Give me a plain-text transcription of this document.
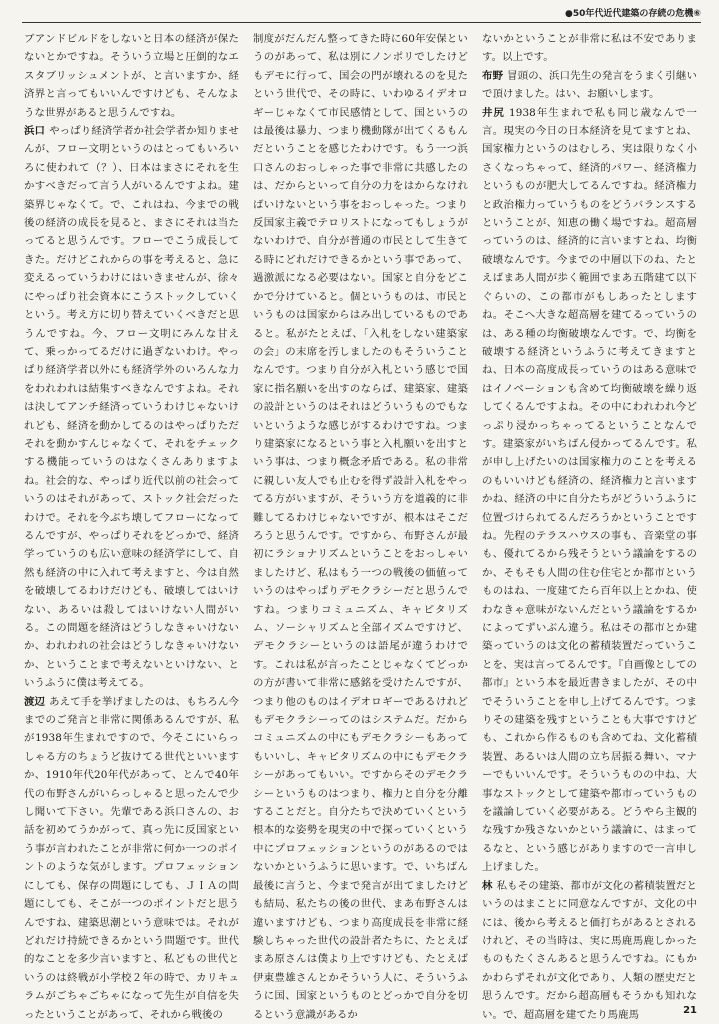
●50年代近代建築の存続の危機⑥

ブアンドビルドをしないと日本の経済が保たないとかですね。そういう立場と圧倒的なエスタブリッシュメントが、と言いますか、経済界と言ってもいいんですけども、そんなような世界があると思うんですね。

浜口 やっぱり経済学者か社会学者か知りませんが、フロー文明というのはとってもいろいろに使われて（？）、日本はまさにそれを生かすべきだって言う人がいるんですよね。建築界じゃなくて。で、これはね、今までの戦後の経済の成長を見ると、まさにそれは当たってると思うんです。フローでこう成長してきた。だけどこれからの事を考えると、急に変えるっていうわけにはいきませんが、徐々にやっぱり社会資本にこうストックしていくという。考え方に切り替えていくべきだと思うんですね。今、フロー文明にみんな甘えて、乗っかってるだけに過ぎないわけ。やっぱり経済学者以外にも経済学外のいろんな力をわれわれは結集すべきなんですよね。それは決してアンチ経済っていうわけじゃないけれども、経済を動かしてるのはやっぱりただそれを動かすんじゃなくて、それをチェックする機能っていうのはなくさんありますよね。社会的な、やっぱり近代以前の社会っていうのはそれがあって、ストック社会だったわけで。それを今ぶち壊してフローになってるんですが、やっぱりそれをどっかで、経済学っていうのも広い意味の経済学にして、自然も経済の中に入れて考えますと、今は自然を破壊してるわけだけども、破壊してはいけない、あるいは殺してはいけない人間がいる。この問題を経済はどうしなきゃいけないか、われわれの社会はどうしなきゃいけないか、ということまで考えないといけない、というふうに僕は考えてる。

渡辺 あえて手を挙げましたのは、もちろん今までのご発言と非常に関係あるんですが、私が1938年生まれですので、今そこにいらっしゃる方のちょうど抜けてる世代といいますか、1910年代20年代があって、とんで40年代の布野さんがいらっしゃると思ったんで少し聞いて下さい。先輩である浜口さんの、お話を初めてうかがって、真っ先に反国家という事が言われたことが非常に何か一つのポイントのような気がします。プロフェッションにしても、保存の問題にしても、ＪＩＡの問題にしても、そこが一つのポイントだと思うんですね、建築思潮という意味では。それがどれだけ持続できるかという問題です。世代的なことを多少言いますと、私どもの世代というのは終戦が小学校２年の時で、カリキュラムがごちゃごちゃになって先生が自信を失ったということがあって、それから戦後の

制度がだんだん整ってきた時に60年安保というのがあって、私は別にノンポリでしたけどもデモに行って、国会の門が壊れるのを見たという世代で、その時に、いわゆるイデオロギーじゃなくて市民感情として、国というのは最後は暴力、つまり機動隊が出てくるもんだということを感じたわけです。もう一つ浜口さんのおっしゃった事で非常に共感したのは、だからといって自分の力をはからなければいけないという事をおっしゃった。つまり反国家主義でテロリストになってもしょうがないわけで、自分が普通の市民として生きてる時にどれだけできるかという事であって、過激派になる必要はない。国家と自分をどこかで分けていると。個というものは、市民というものは国家からはみ出しているものであると。私がたとえば、「入札をしない建築家の会」の末席を汚しましたのもそういうことなんです。つまり自分が入札という感じで国家に指名願いを出すのならば、建築家、建築の設計というのはそれはどういうものでもないというような感じがするわけですね。つまり建築家になるという事と入札願いを出すという事は、つまり概念矛盾である。私の非常に親しい友人でも止むを得ず設計入札をやってる方がいますが、そういう方を道義的に非難してるわけじゃないですが、根本はそこだろうと思うんです。ですから、布野さんが最初にラショナリズムということをおっしゃいましたけど、私はもう一つの戦後の価値っていうのはやっぱりデモクラシーだと思うんですね。つまりコミュニズム、キャピタリズム、ソーシャリズムと全部イズムですけど、デモクラシーというのは語尾が違うわけです。これは私が言ったことじゃなくてどっかの方が書いて非常に感銘を受けたんですが、つまり他のものはイデオロギーであるけれどもデモクラシーってのはシステムだ。だからコミュニズムの中にもデモクラシーもあってもいいし、キャピタリズムの中にもデモクラシーがあってもいい。ですからそのデモクラシーというものはつまり、権力と自分を分離することだと。自分たちで決めていくという根本的な姿勢を現実の中で探っていくという中にプロフェッションというのがあるのではないかというふうに思います。で、いちばん最後に言うと、今まで発言が出てましたけども結局、私たちの後の世代、まあ布野さんは違いますけども、つまり高度成長を非常に経験しちゃった世代の設計者たちに、たとえばまあ原さんは僕より上ですけども、たとえば伊東豊雄さんとかそういう人に、そういうふうに国、国家というものとどっかで自分を切るという意識があるか

ないかということが非常に私は不安であります。以上です。

布野 冒頭の、浜口先生の発言をうまく引継いで頂けました。はい、お願いします。

井尻 1938年生まれで私も同じ歳なんで一言。現実の今日の日本経済を見てますとね、国家権力というのはむしろ、実は限りなく小さくなっちゃって、経済的パワー、経済権力というものが肥大してるんですね。経済権力と政治権力っていうものをどうバランスするということが、知恵の働く場ですね。超高層っていうのは、経済的に言いますとね、均衡破壊なんです。今までの中層以下のね、たとえばまあ人間が歩く範囲でまあ五階建て以下ぐらいの、この都市がもしあったとしますね。そこへ大きな超高層を建てるっていうのは、ある種の均衡破壊なんです。で、均衡を破壊する経済というふうに考えてきますとね、日本の高度成長っていうのはある意味ではイノベーションも含めて均衡破壊を繰り返してくるんですよね。その中にわれわれ今どっぷり浸かっちゃってるということなんです。建築家がいちばん侵かってるんです。私が申し上げたいのは国家権力のことを考えるのもいいけども経済の、経済権力と言いますかね、経済の中に自分たちがどういうふうに位置づけられてるんだろうかということですね。先程のテラスハウスの事も、音楽堂の事も、優れてるから残そうという議論をするのか、そもそも人間の住む住宅とか都市というものはね、一度建てたら百年以上とかね、使わなきゃ意味がないんだという議論をするかによってずいぶん違う。私はその都市とか建築っていうのは文化の蓄積装置だっていうことを、実は言ってるんです。『自画像としての都市』という本を最近書きましたが、その中でそういうことを申し上げてるんです。つまりその建築を残すということも大事ですけども、これから作るものも含めてね、文化蓄積装置、あるいは人間の立ち居振る舞い、マナーでもいいんです。そういうものの中ね、大事なストックとして建築や都市っていうものを議論していく必要がある。どうやら主観的な残すか残さないかという議論に、はまってるなと、という感じがありますので一言申し上げました。

林 私もその建築、都市が文化の蓄積装置だというのはまことに同意なんですが、文化の中には、後から考えると価打ちがあるとされるけれど、その当時は、実に馬鹿馬鹿しかったものもたくさんあると思うんですね。にもかかわらずそれが文化であり、人類の歴史だと思うんです。だから超高層もそうかも知れない。で、超高層を建てたり馬鹿馬	21
